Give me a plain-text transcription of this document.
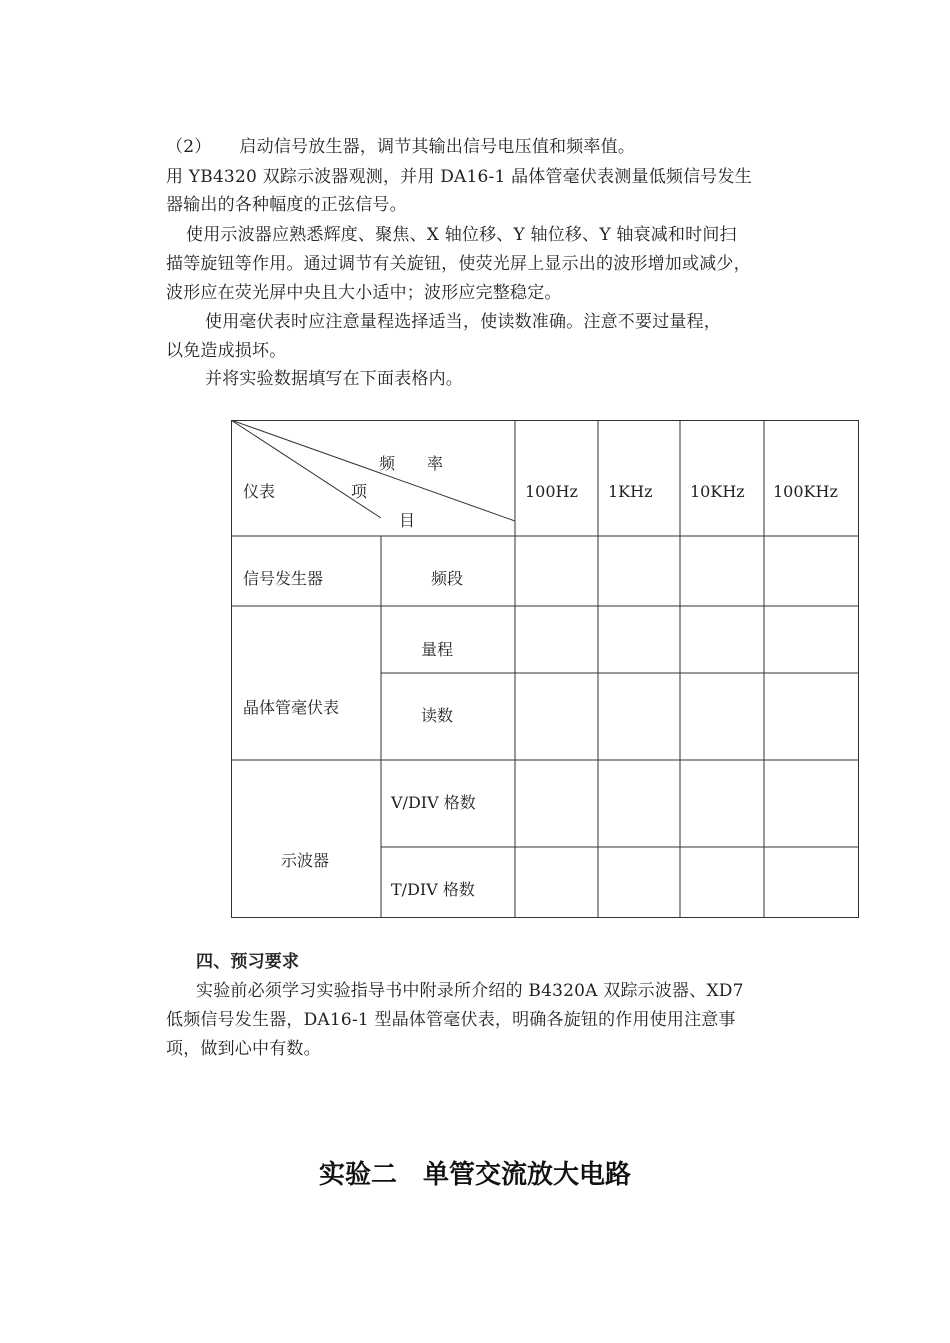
（2） 启动信号放生器，调节其输出信号电压值和频率值。
用 YB4320 双踪示波器观测，并用 DA16-1 晶体管毫伏表测量低频信号发生
器输出的各种幅度的正弦信号。
使用示波器应熟悉辉度、聚焦、X 轴位移、Y 轴位移、Y 轴衰减和时间扫
描等旋钮等作用。通过调节有关旋钮，使荧光屏上显示出的波形增加或减少，
波形应在荧光屏中央且大小适中；波形应完整稳定。
使用毫伏表时应注意量程选择适当，使读数准确。注意不要过量程，
以免造成损坏。
并将实验数据填写在下面表格内。
频　　率
项
目
仪表	100Hz 1KHz 10KHz 100KHz
信号发生器	频段
晶体管毫伏表
量程
读数
示波器
V/DIV 格数
T/DIV 格数
四、预习要求
实验前必须学习实验指导书中附录所介绍的 B4320A 双踪示波器、XD7
低频信号发生器，DA16-1 型晶体管毫伏表，明确各旋钮的作用使用注意事
项，做到心中有数。
实验二　单管交流放大电路
